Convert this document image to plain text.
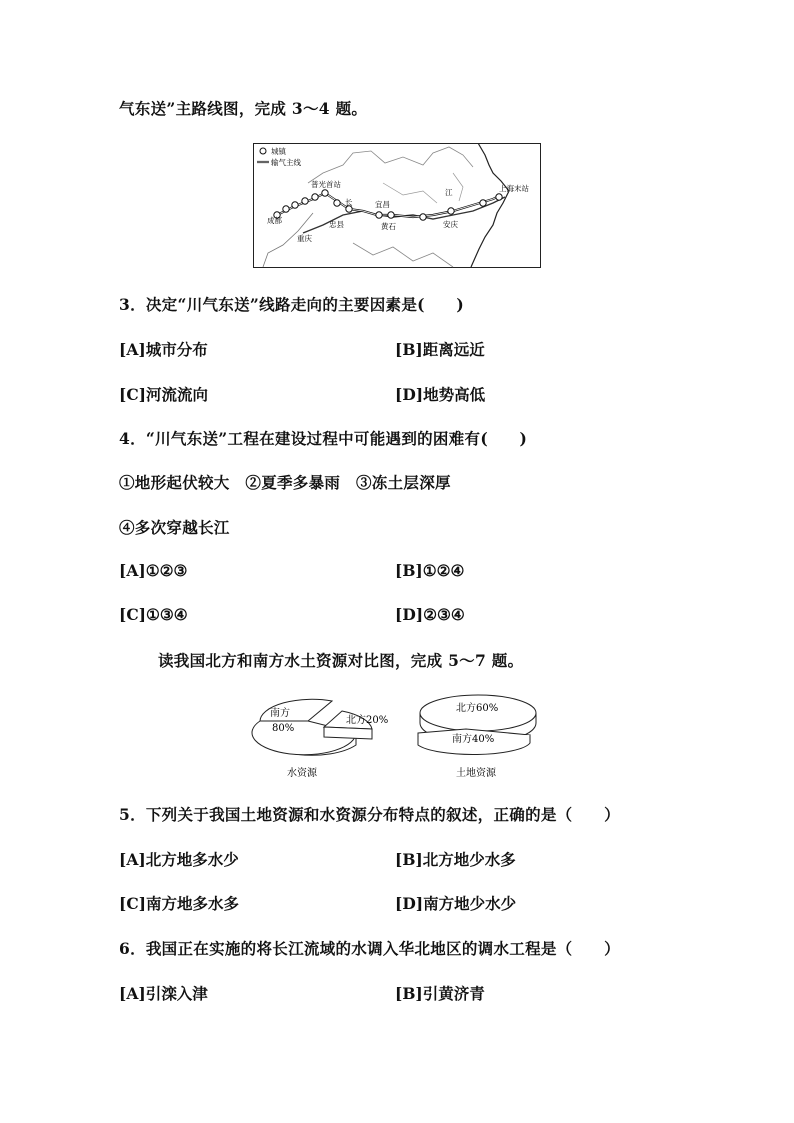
气东送”主路线图，完成 3～4 题。
城镇
输气主线
普光首站
成都
重庆
忠县
长	宜昌
黄石	安庆
江	上海末站
3．决定“川气东送”线路走向的主要因素是(　　)
[A]城市分布	[B]距离远近
[C]河流流向	[D]地势高低
4．“川气东送”工程在建设过程中可能遇到的困难有(　　)
①地形起伏较大　②夏季多暴雨　③冻土层深厚
④多次穿越长江
[A]①②③	[B]①②④
[C]①③④	[D]②③④
读我国北方和南方水土资源对比图，完成 5～7 题。
南方
80%
北方20%
水资源
北方60%
南方40%
土地资源
5．下列关于我国土地资源和水资源分布特点的叙述，正确的是（　　）
[A]北方地多水少	[B]北方地少水多
[C]南方地多水多	[D]南方地少水少
6．我国正在实施的将长江流域的水调入华北地区的调水工程是（　　）
[A]引滦入津	[B]引黄济青
